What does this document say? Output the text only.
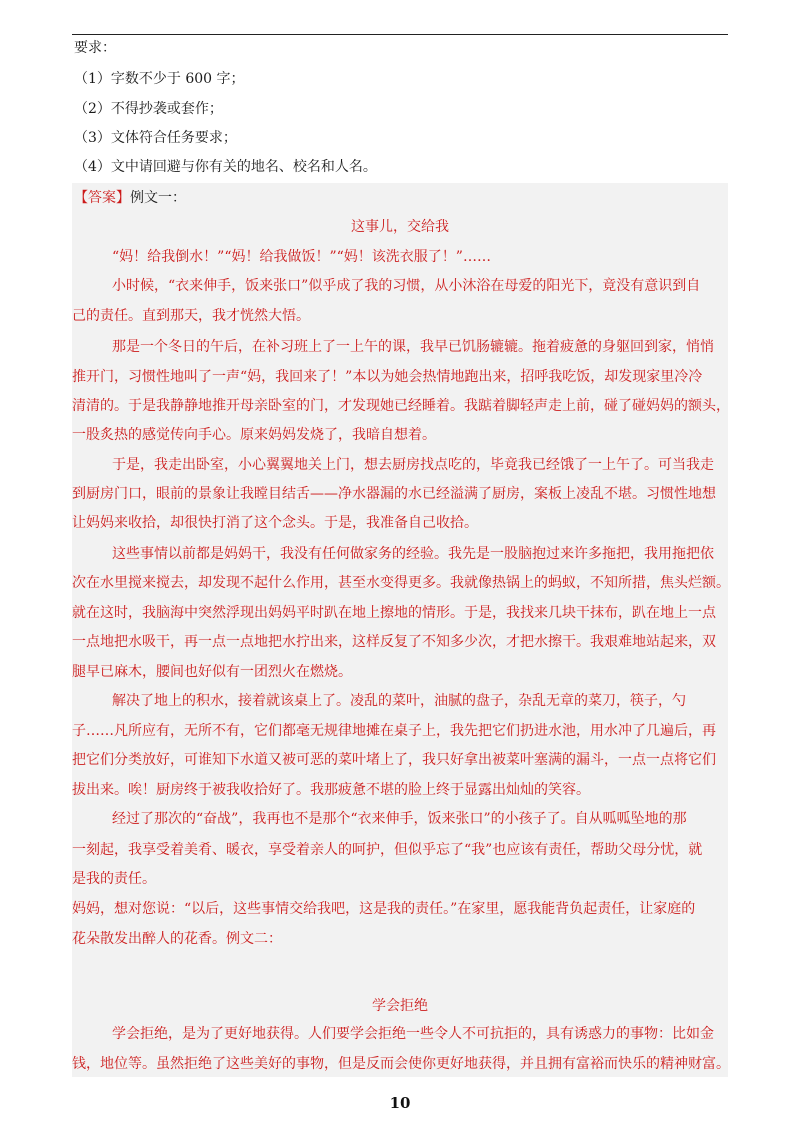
要求：
（1）字数不少于 600 字；
（2）不得抄袭或套作；
（3）文体符合任务要求；
（4）文中请回避与你有关的地名、校名和人名。
【答案】例文一：
这事儿，交给我
“妈！给我倒水！”“妈！给我做饭！”“妈！该洗衣服了！”……
小时候，“衣来伸手，饭来张口”似乎成了我的习惯，从小沐浴在母爱的阳光下，竟没有意识到自
己的责任。直到那天，我才恍然大悟。
那是一个冬日的午后，在补习班上了一上午的课，我早已饥肠辘辘。拖着疲惫的身躯回到家，悄悄
推开门，习惯性地叫了一声“妈，我回来了！”本以为她会热情地跑出来，招呼我吃饭，却发现家里冷冷
清清的。于是我静静地推开母亲卧室的门，才发现她已经睡着。我踮着脚轻声走上前，碰了碰妈妈的额头，
一股炙热的感觉传向手心。原来妈妈发烧了，我暗自想着。
于是，我走出卧室，小心翼翼地关上门，想去厨房找点吃的，毕竟我已经饿了一上午了。可当我走
到厨房门口，眼前的景象让我瞠目结舌——净水器漏的水已经溢满了厨房，案板上凌乱不堪。习惯性地想
让妈妈来收拾，却很快打消了这个念头。于是，我准备自己收拾。
这些事情以前都是妈妈干，我没有任何做家务的经验。我先是一股脑抱过来许多拖把，我用拖把依
次在水里搅来搅去，却发现不起什么作用，甚至水变得更多。我就像热锅上的蚂蚁，不知所措，焦头烂额。
就在这时，我脑海中突然浮现出妈妈平时趴在地上擦地的情形。于是，我找来几块干抹布，趴在地上一点
一点地把水吸干，再一点一点地把水拧出来，这样反复了不知多少次，才把水擦干。我艰难地站起来，双
腿早已麻木，腰间也好似有一团烈火在燃烧。
解决了地上的积水，接着就该桌上了。凌乱的菜叶，油腻的盘子，杂乱无章的菜刀，筷子，勺
子……凡所应有，无所不有，它们都毫无规律地摊在桌子上，我先把它们扔进水池，用水冲了几遍后，再
把它们分类放好，可谁知下水道又被可恶的菜叶堵上了，我只好拿出被菜叶塞满的漏斗，一点一点将它们
拔出来。唉！厨房终于被我收拾好了。我那疲惫不堪的脸上终于显露出灿灿的笑容。
经过了那次的“奋战”，我再也不是那个“衣来伸手，饭来张口”的小孩子了。自从呱呱坠地的那
一刻起，我享受着美肴、暖衣，享受着亲人的呵护，但似乎忘了“我”也应该有责任，帮助父母分忧，就
是我的责任。
妈妈，想对您说：“以后，这些事情交给我吧，这是我的责任。”在家里，愿我能背负起责任，让家庭的
花朵散发出醉人的花香。例文二：
学会拒绝
学会拒绝，是为了更好地获得。人们要学会拒绝一些令人不可抗拒的，具有诱惑力的事物：比如金
钱，地位等。虽然拒绝了这些美好的事物，但是反而会使你更好地获得，并且拥有富裕而快乐的精神财富。
10
